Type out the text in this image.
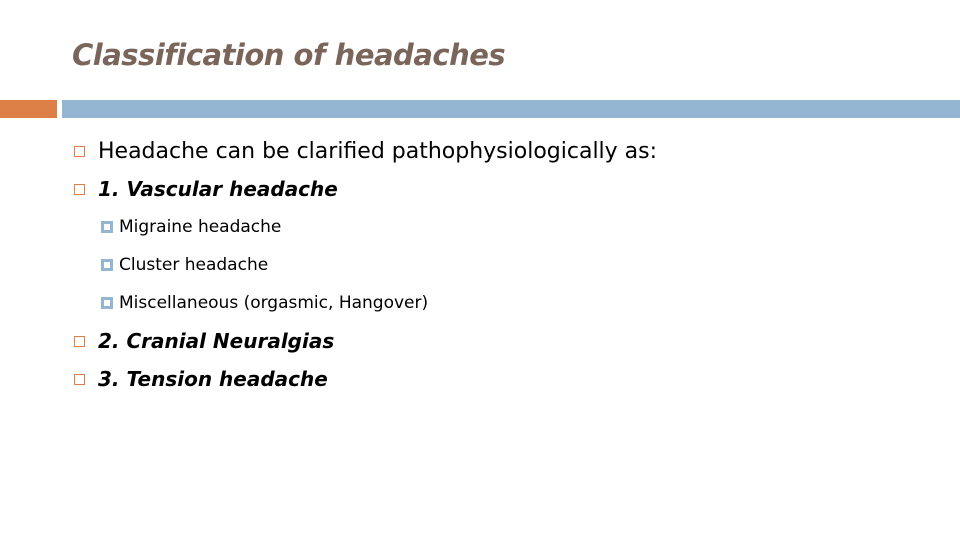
Classification of headaches
Headache can be clarified pathophysiologically as:
1. Vascular headache
Migraine headache
Cluster headache
Miscellaneous (orgasmic, Hangover)
2. Cranial Neuralgias
3. Tension headache
